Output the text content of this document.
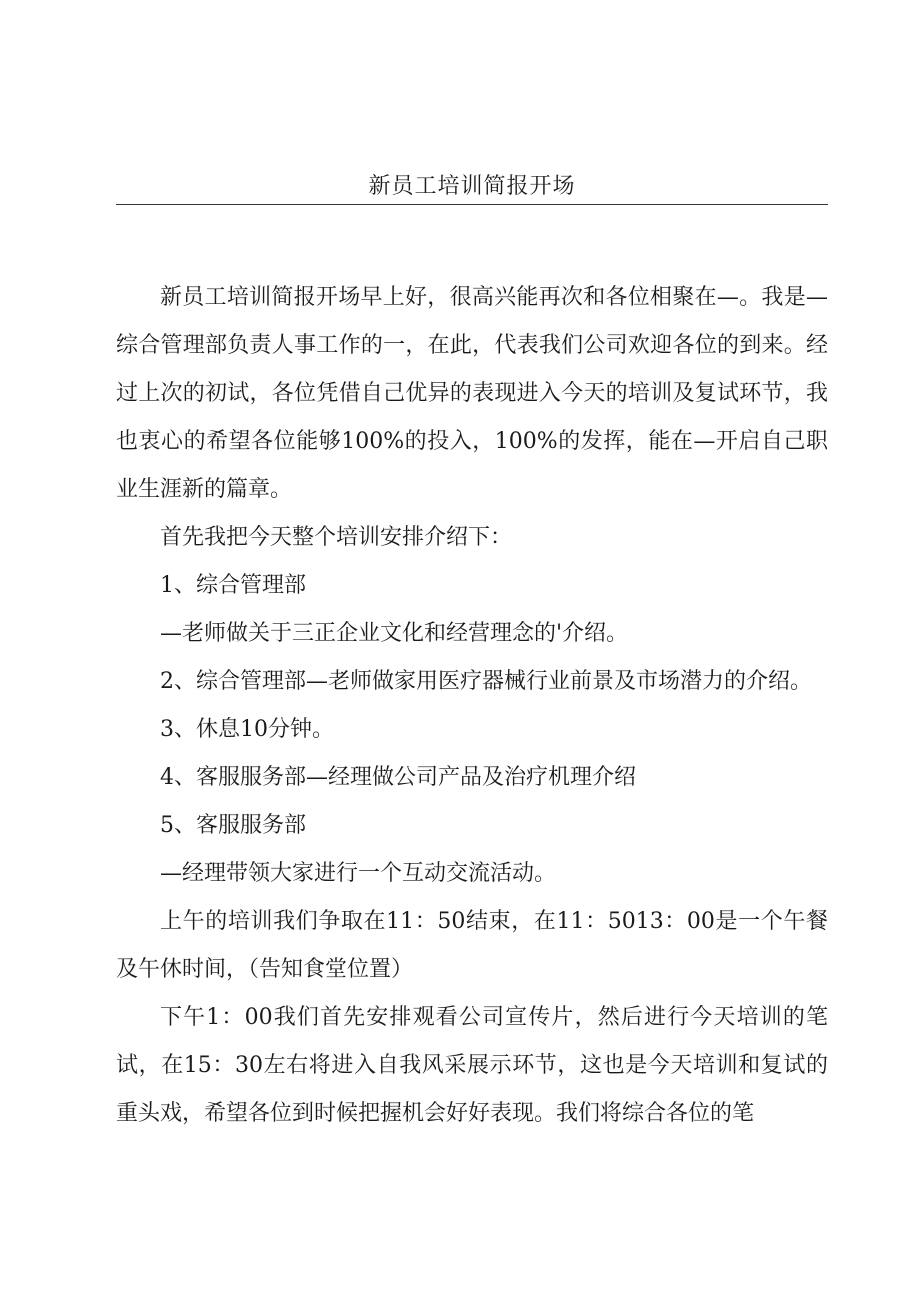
新员工培训简报开场

新员工培训简报开场早上好，很高兴能再次和各位相聚在—。我是—综合管理部负责人事工作的一，在此，代表我们公司欢迎各位的到来。经过上次的初试，各位凭借自己优异的表现进入今天的培训及复试环节，我也衷心的希望各位能够100%的投入，100%的发挥，能在—开启自己职业生涯新的篇章。

首先我把今天整个培训安排介绍下：

1、综合管理部

—老师做关于三正企业文化和经营理念的'介绍。

2、综合管理部—老师做家用医疗器械行业前景及市场潜力的介绍。

3、休息10分钟。

4、客服服务部—经理做公司产品及治疗机理介绍

5、客服服务部

—经理带领大家进行一个互动交流活动。

上午的培训我们争取在11：50结束，在11：5013：00是一个午餐及午休时间，（告知食堂位置）

下午1：00我们首先安排观看公司宣传片，然后进行今天培训的笔试，在15：30左右将进入自我风采展示环节，这也是今天培训和复试的重头戏，希望各位到时候把握机会好好表现。我们将综合各位的笔
